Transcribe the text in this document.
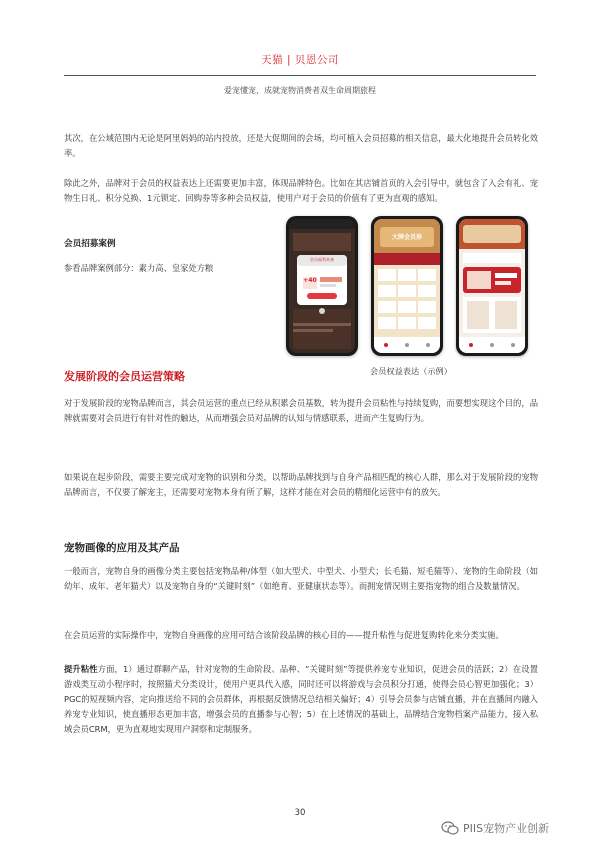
天猫 | 贝恩公司
爱宠懂宠，成就宠物消费者双生命周期旅程

其次，在公域范围内无论是阿里妈妈的站内投放，还是大促期间的会场，均可植入会员招募的相关信息，最大化地提升会员转化效率。

除此之外，品牌对于会员的权益表达上还需要更加丰富，体现品牌特色。比如在其店铺首页的入会引导中，就包含了入会有礼、宠物生日礼、积分兑换、1元锁定、回购券等多种会员权益，使用户对于会员的价值有了更为直观的感知。

会员招募案例
参看品牌案例部分：素力高、皇家处方粮
会员福利来袭
+40
大牌会员券
会员权益表达（示例）
发展阶段的会员运营策略

对于发展阶段的宠物品牌而言，其会员运营的重点已经从积累会员基数，转为提升会员粘性与持续复购，而要想实现这个目的，品牌就需要对会员进行有针对性的触达，从而增强会员对品牌的认知与情感联系，进而产生复购行为。

如果说在起步阶段，需要主要完成对宠物的识别和分类，以帮助品牌找到与自身产品相匹配的核心人群，那么对于发展阶段的宠物品牌而言，不仅要了解宠主，还需要对宠物本身有所了解，这样才能在对会员的精细化运营中有的放矢。

宠物画像的应用及其产品

一般而言，宠物自身的画像分类主要包括宠物品种/体型（如大型犬、中型犬、小型犬；长毛猫、短毛猫等）、宠物的生命阶段（如幼年、成年、老年猫犬）以及宠物自身的“关键时刻”（如绝育、亚健康状态等）。而拥宠情况则主要指宠物的组合及数量情况。

在会员运营的实际操作中，宠物自身画像的应用可结合该阶段品牌的核心目的——提升粘性与促进复购转化来分类实施。

提升粘性方面，1）通过群聊产品，针对宠物的生命阶段、品种、“关键时刻”等提供养宠专业知识，促进会员的活跃；2）在设置游戏类互动小程序时，按照猫犬分类设计，使用户更具代入感，同时还可以将游戏与会员积分打通，使得会员心智更加强化；3）PGC的短视频内容，定向推送给不同的会员群体，再根据反馈情况总结相关偏好；4）引导会员参与店铺直播，并在直播间内融入养宠专业知识，使直播形态更加丰富，增强会员的直播参与心智；5）在上述情况的基础上，品牌结合宠物档案产品能力，接入私域会员CRM，更为直观地实现用户洞察和定制服务。

30
PIIS宠物产业创新
